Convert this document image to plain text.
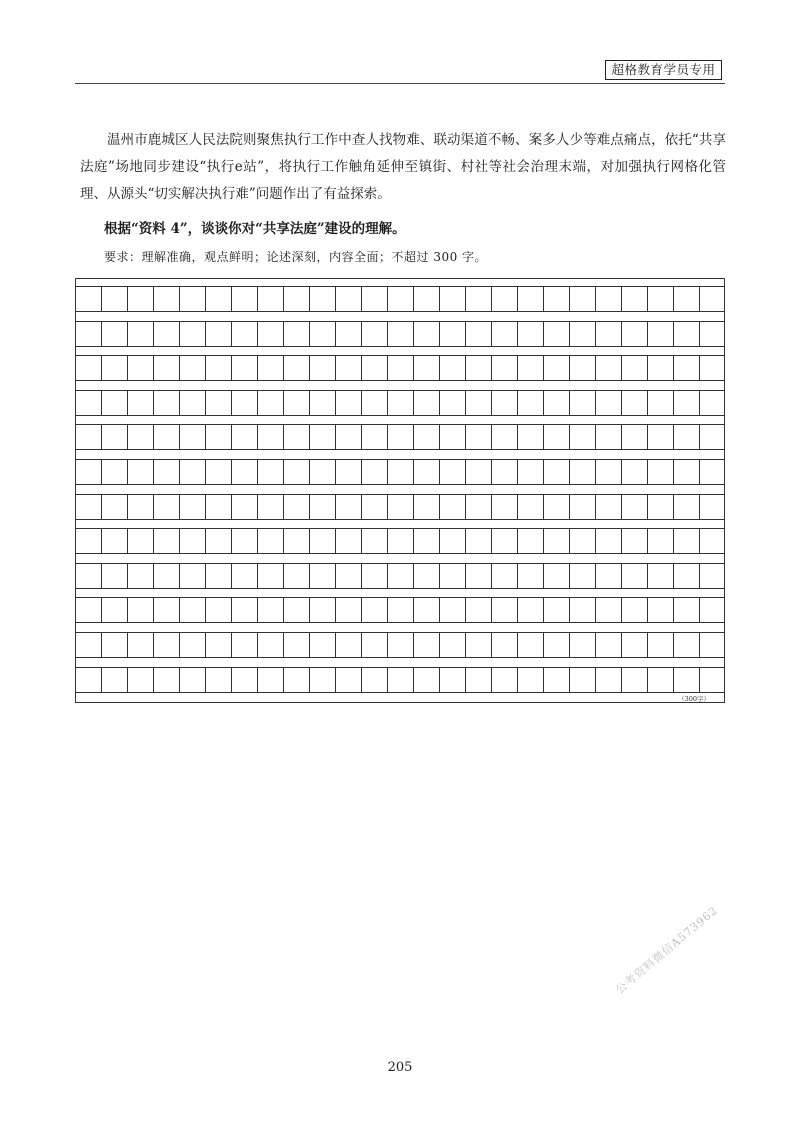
超格教育学员专用

温州市鹿城区人民法院则聚焦执行工作中查人找物难、联动渠道不畅、案多人少等难点痛点，依托“共享法庭”场地同步建设“执行e站”，将执行工作触角延伸至镇街、村社等社会治理末端，对加强执行网格化管理、从源头“切实解决执行难”问题作出了有益探索。

根据“资料 4”，谈谈你对“共享法庭”建设的理解。

要求：理解准确，观点鲜明；论述深刻，内容全面；不超过 300 字。

（300字）
公考资料微信A573962
205
